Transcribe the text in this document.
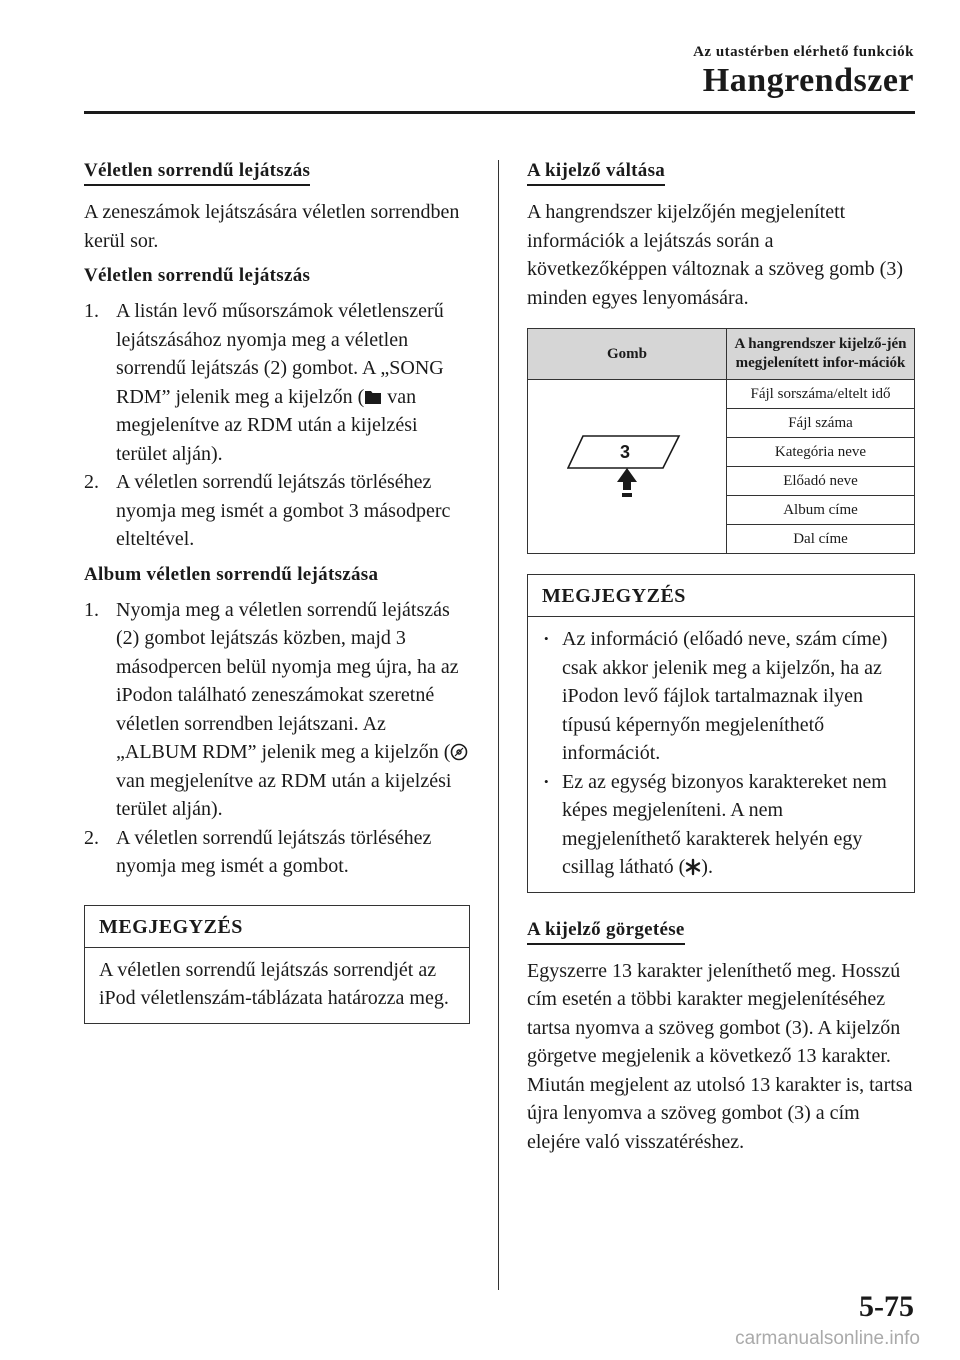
Az utastérben elérhető funkciók
Hangrendszer
Véletlen sorrendű lejátszás

A zeneszámok lejátszására véletlen sorrendben kerül sor.

Véletlen sorrendű lejátszás
1. A listán levő műsorszámok véletlenszerű lejátszásához nyomja meg a véletlen sorrendű lejátszás (2) gombot. A „SONG RDM” jelenik meg a kijelzőn (
van megjelenítve az RDM után a kijelzési terület alján).
2. A véletlen sorrendű lejátszás törléséhez nyomja meg ismét a gombot 3 másodperc elteltével.
Album véletlen sorrendű lejátszása
1. Nyomja meg a véletlen sorrendű lejátszás (2) gombot lejátszás közben, majd 3 másodpercen belül nyomja meg újra, ha az iPodon található zeneszámokat szeretné véletlen sorrendben lejátszani. Az „ALBUM RDM” jelenik meg a kijelzőn (
van megjelenítve az RDM után a kijelzési terület alján).
2. A véletlen sorrendű lejátszás törléséhez nyomja meg ismét a gombot.
MEGJEGYZÉS
A véletlen sorrendű lejátszás sorrendjét az iPod véletlenszám-táblázata határozza meg.
A kijelző váltása

A hangrendszer kijelzőjén megjelenített információk a lejátszás során a következőképpen változnak a szöveg gomb (3) minden egyes lenyomására.

Gomb	A hangrendszer kijelző-jén megjelenített infor-mációk

3	Fájl sorszáma/eltelt idő
	Fájl száma
	Kategória neve
	Előadó neve
	Album címe
	Dal címe
MEGJEGYZÉS
• Az információ (előadó neve, szám címe) csak akkor jelenik meg a kijelzőn, ha az iPodon levő fájlok tartalmaznak ilyen típusú képernyőn megjeleníthető információt.
• Ez az egység bizonyos karaktereket nem képes megjeleníteni. A nem megjeleníthető karakterek helyén egy csillag látható ( ).
A kijelző görgetése

Egyszerre 13 karakter jeleníthető meg. Hosszú cím esetén a többi karakter megjelenítéséhez tartsa nyomva a szöveg gombot (3). A kijelzőn görgetve megjelenik a következő 13 karakter. Miután megjelent az utolsó 13 karakter is, tartsa újra lenyomva a szöveg gombot (3) a cím elejére való visszatéréshez.

5-75
carmanualsonline.info
